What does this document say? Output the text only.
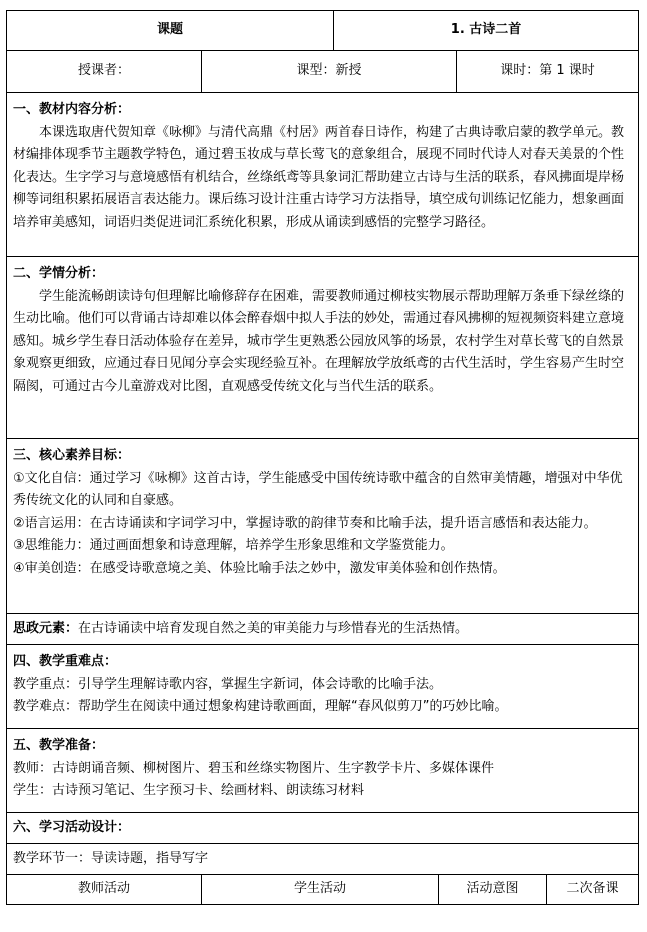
课题		1. 古诗二首			
授课者：	课型：新授			课时：第 1 课时	

一、教材内容分析：
本课选取唐代贺知章《咏柳》与清代高鼎《村居》两首春日诗作，构建了古典诗歌启蒙的教学单元。教材编排体现季节主题教学特色，通过碧玉妆成与草长莺飞的意象组合，展现不同时代诗人对春天美景的个性化表达。生字学习与意境感悟有机结合，丝绦纸鸢等具象词汇帮助建立古诗与生活的联系，春风拂面堤岸杨柳等词组积累拓展语言表达能力。课后练习设计注重古诗学习方法指导，填空成句训练记忆能力，想象画面培养审美感知，词语归类促进词汇系统化积累，形成从诵读到感悟的完整学习路径。					

二、学情分析：
学生能流畅朗读诗句但理解比喻修辞存在困难，需要教师通过柳枝实物展示帮助理解万条垂下绿丝绦的生动比喻。他们可以背诵古诗却难以体会醉春烟中拟人手法的妙处，需通过春风拂柳的短视频资料建立意境感知。城乡学生春日活动体验存在差异，城市学生更熟悉公园放风筝的场景，农村学生对草长莺飞的自然景象观察更细致，应通过春日见闻分享会实现经验互补。在理解放学放纸鸢的古代生活时，学生容易产生时空隔阂，可通过古今儿童游戏对比图，直观感受传统文化与当代生活的联系。					

三、核心素养目标：
①文化自信：通过学习《咏柳》这首古诗，学生能感受中国传统诗歌中蕴含的自然审美情趣，增强对中华优秀传统文化的认同和自豪感。
②语言运用：在古诗诵读和字词学习中，掌握诗歌的韵律节奏和比喻手法，提升语言感悟和表达能力。
③思维能力：通过画面想象和诗意理解，培养学生形象思维和文学鉴赏能力。
④审美创造：在感受诗歌意境之美、体验比喻手法之妙中，激发审美体验和创作热情。					

思政元素：在古诗诵读中培育发现自然之美的审美能力与珍惜春光的生活热情。					

四、教学重难点：
教学重点：引导学生理解诗歌内容，掌握生字新词，体会诗歌的比喻手法。
教学难点：帮助学生在阅读中通过想象构建诗歌画面，理解“春风似剪刀”的巧妙比喻。					

五、教学准备：
教师：古诗朗诵音频、柳树图片、碧玉和丝绦实物图片、生字教学卡片、多媒体课件
学生：古诗预习笔记、生字预习卡、绘画材料、朗读练习材料					

六、学习活动设计：					
教学环节一：导读诗题，指导写字					
教师活动	学生活动		活动意图		二次备课
